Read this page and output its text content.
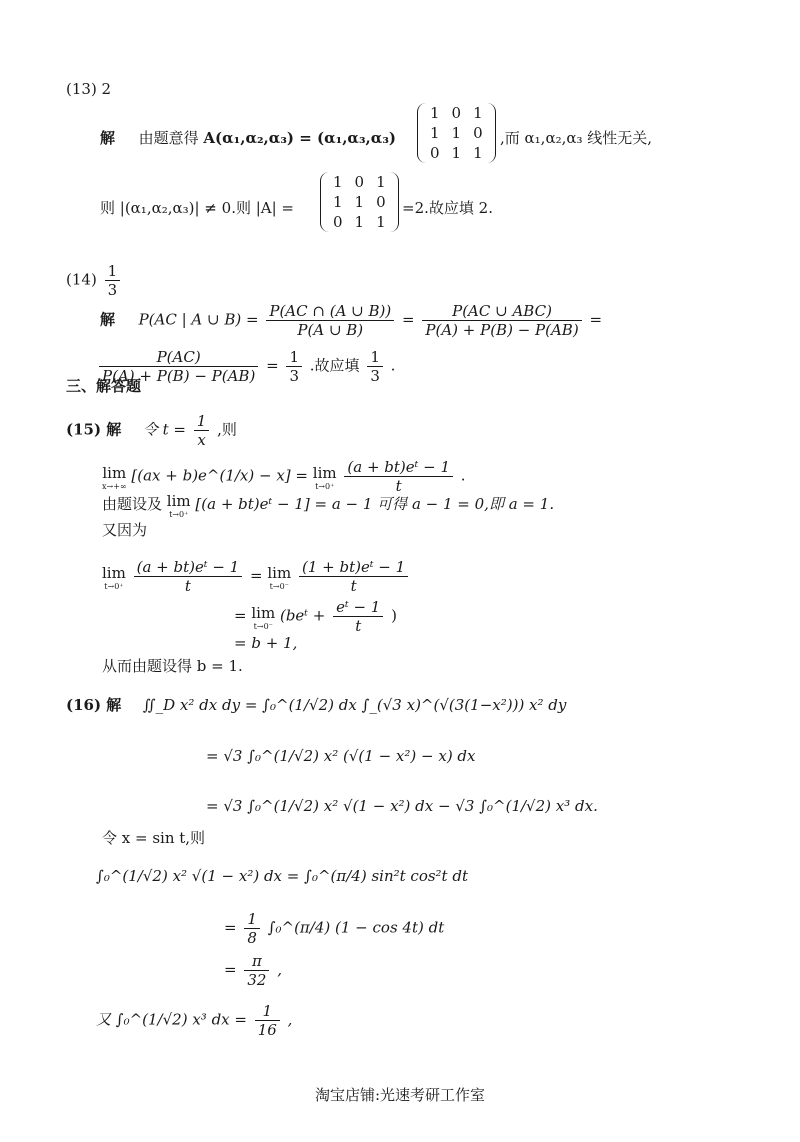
(13) 2
解 由题意得 A(α₁,α₂,α₃) = (α₁,α₃,α₃)
1	0	1
1	1	0
0	1	1
,而 α₁,α₂,α₃ 线性无关,
则 |(α₁,α₂,α₃)| ≠ 0.则 |A| =
1	0	1
1	1	0
0	1	1
=2.故应填 2.
$(14) \frac{1}{3}$
解 P(AC | A ∪ $B) = \frac{P(AC \cap (A \cup B))}{P(A \cup B)} = \frac{\text{P(AC ∪ ABC)}}{P(A) + P(B) - P(AB)}$ =
$\frac{P(AC)}{P(A) + P(B) - P(AB)} = \frac{1}{3}$ .故应填 $\frac{1}{3}$ .
三、解答题
(15) 解 令 $t = \frac{1}{x}$ ,则
lim
x→+∞
[(ax + b)e^(1/x) − x] = lim
t→0⁺
$\frac{\text{(a + bt)eᵗ − 1}}{t}$ .
由题设及 lim
t→0⁺
[(a + bt)eᵗ − 1] = a − 1 可得 a − 1 = 0,即 a = 1.
又因为
lim
t→0⁺
$\frac{\text{(a + bt)eᵗ − 1}}{t} = \lim$
t→0⁻
$\frac{\text{(1 + bt)eᵗ − 1}}{t}$
= lim
t→0⁻
(beᵗ + $\frac{\text{eᵗ − 1}}{t}$ )
= b + 1,
从而由题设得 b = 1.
(16) 解 ∬_D x² dx dy = ∫₀^(1/√2) dx ∫_(√3 x)^(√(3(1−x²))) x² dy
= √3 ∫₀^(1/√2) x² (√(1 − x²) − x) dx
= √3 ∫₀^(1/√2) x² √(1 − x²) dx − √3 ∫₀^(1/√2) x³ dx.
令 x = sin t,则
∫₀^(1/√2) x² √(1 − x²) dx = ∫₀^(π/4) sin²t cos²t dt
= $\frac{1}{8}$ ∫₀^(π/4) (1 − cos 4t) dt
= $\frac{\pi}{32}$ ,
又 ∫₀^(1/√2) x³ dx = $\frac{1}{16}$ ,
淘宝店铺:光速考研工作室
